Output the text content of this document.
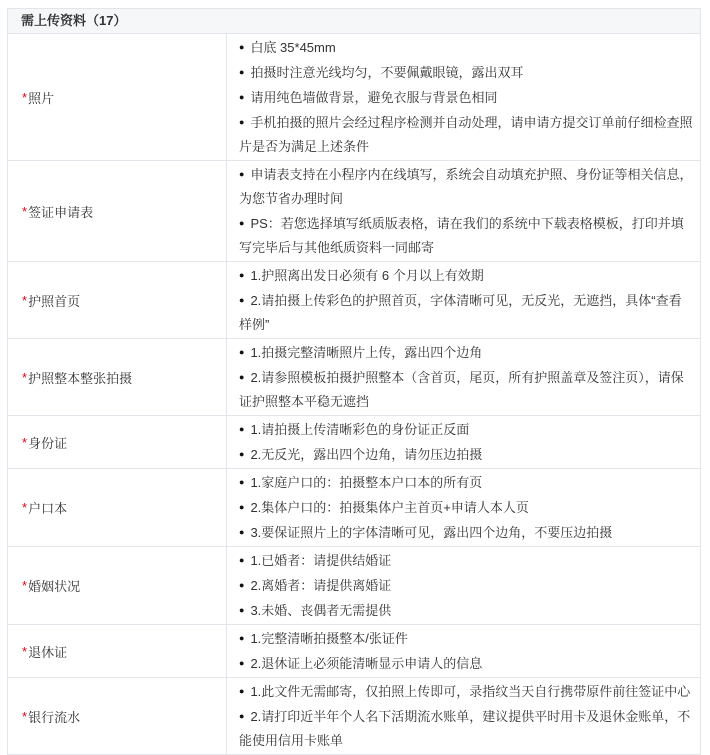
需上传资料（17）
* 照片
● 白底 35*45mm
● 拍摄时注意光线均匀，不要佩戴眼镜，露出双耳
● 请用纯色墙做背景，避免衣服与背景色相同
● 手机拍摄的照片会经过程序检测并自动处理，请申请方提交订单前仔细检查照片是否为满足上述条件
* 签证申请表
● 申请表支持在小程序内在线填写，系统会自动填充护照、身份证等相关信息，为您节省办理时间
● PS：若您选择填写纸质版表格，请在我们的系统中下载表格模板，打印并填写完毕后与其他纸质资料一同邮寄
* 护照首页
● 1.护照离出发日必须有 6 个月以上有效期
● 2.请拍摄上传彩色的护照首页，字体清晰可见，无反光，无遮挡，具体“查看样例”
* 护照整本整张拍摄
● 1.拍摄完整清晰照片上传，露出四个边角
● 2.请参照模板拍摄护照整本（含首页，尾页，所有护照盖章及签注页），请保证护照整本平稳无遮挡
* 身份证
● 1.请拍摄上传清晰彩色的身份证正反面
● 2.无反光，露出四个边角，请勿压边拍摄
* 户口本
● 1.家庭户口的：拍摄整本户口本的所有页
● 2.集体户口的：拍摄集体户主首页+申请人本人页
● 3.要保证照片上的字体清晰可见，露出四个边角，不要压边拍摄
* 婚姻状况
● 1.已婚者：请提供结婚证
● 2.离婚者：请提供离婚证
● 3.未婚、丧偶者无需提供
* 退休证
● 1.完整清晰拍摄整本/张证件
● 2.退休证上必须能清晰显示申请人的信息
* 银行流水
● 1.此文件无需邮寄，仅拍照上传即可，录指纹当天自行携带原件前往签证中心
● 2.请打印近半年个人名下活期流水账单，建议提供平时用卡及退休金账单，不能使用信用卡账单
